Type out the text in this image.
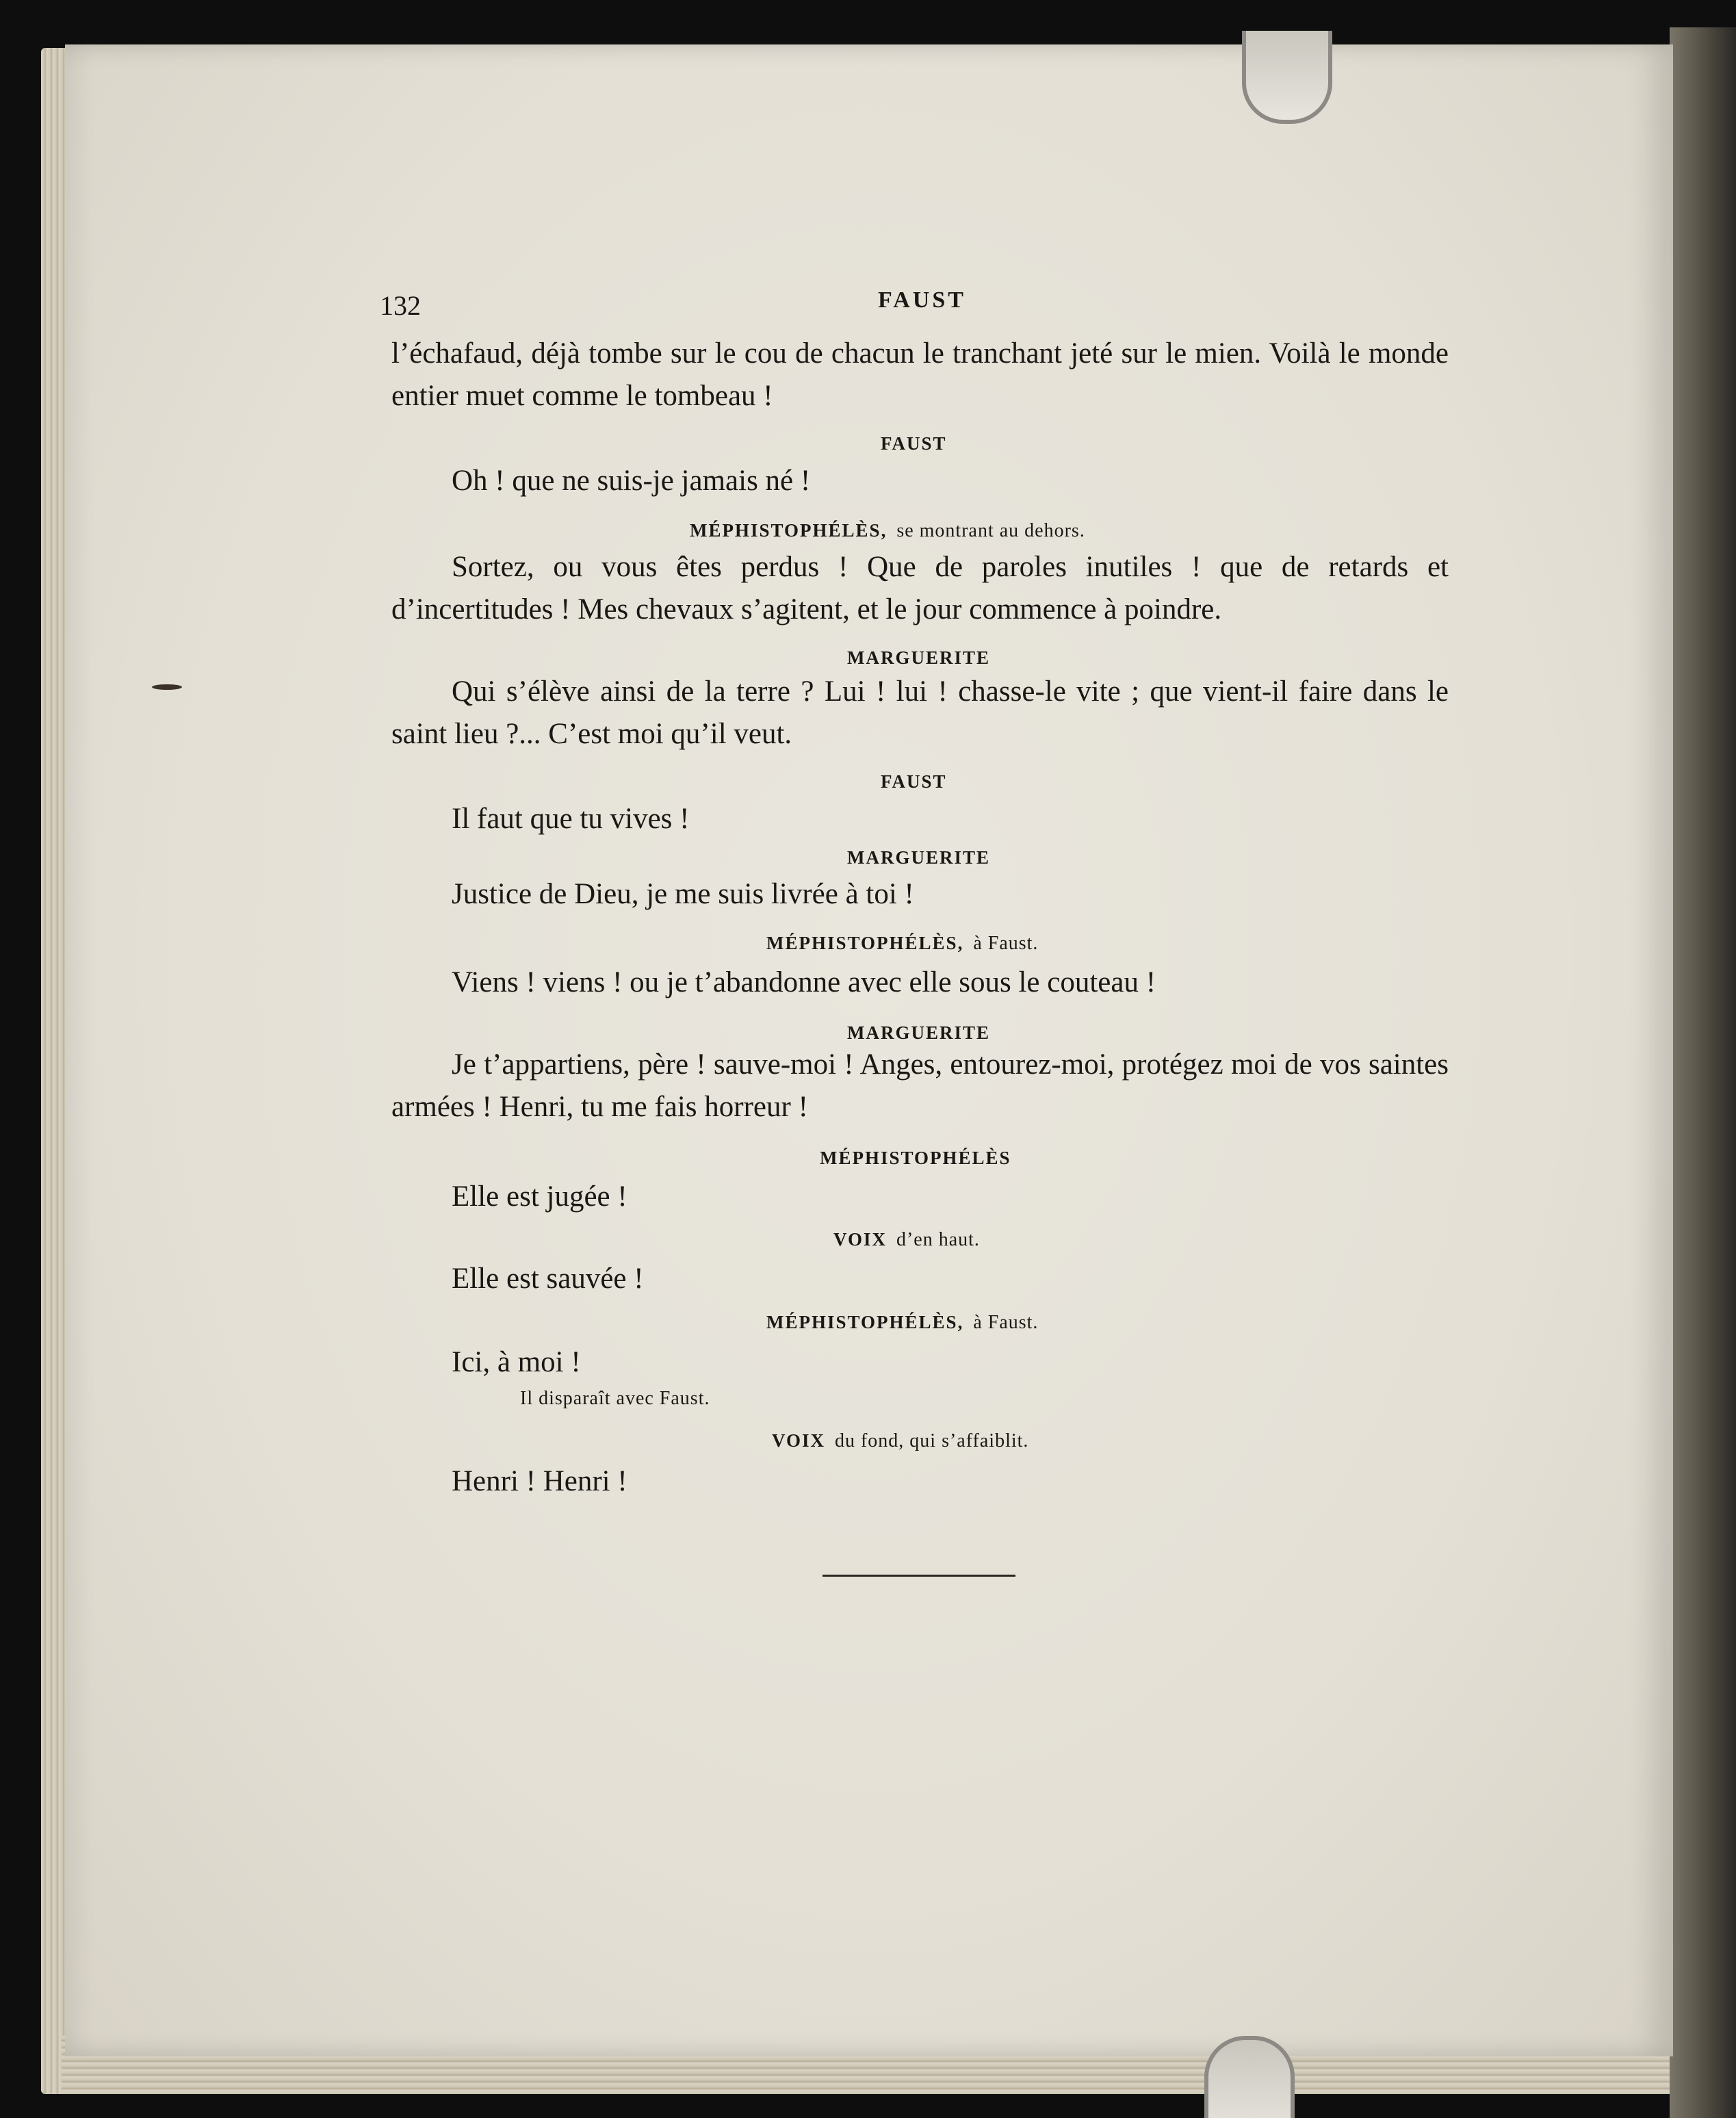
132	FAUST
l’échafaud, déjà tombe sur le cou de chacun le tranchant jeté sur le mien. Voilà le monde entier muet comme le tombeau !
FAUST
Oh ! que ne suis-je jamais né !
MÉPHISTOPHÉLÈS, se montrant au dehors.
Sortez, ou vous êtes perdus ! Que de paroles inutiles ! que de retards et d’incertitudes ! Mes chevaux s’agitent, et le jour commence à poindre.
MARGUERITE
Qui s’élève ainsi de la terre ? Lui ! lui ! chasse-le vite ; que vient-il faire dans le saint lieu ?... C’est moi qu’il veut.
FAUST
Il faut que tu vives !
MARGUERITE
Justice de Dieu, je me suis livrée à toi !
MÉPHISTOPHÉLÈS, à Faust.
Viens ! viens ! ou je t’abandonne avec elle sous le couteau !
MARGUERITE
Je t’appartiens, père ! sauve-moi ! Anges, entourez-moi, protégez moi de vos saintes armées ! Henri, tu me fais horreur !
MÉPHISTOPHÉLÈS
Elle est jugée !
VOIX d’en haut.
Elle est sauvée !
MÉPHISTOPHÉLÈS, à Faust.
Ici, à moi !
Il disparaît avec Faust.
VOIX du fond, qui s’affaiblit.
Henri ! Henri !
